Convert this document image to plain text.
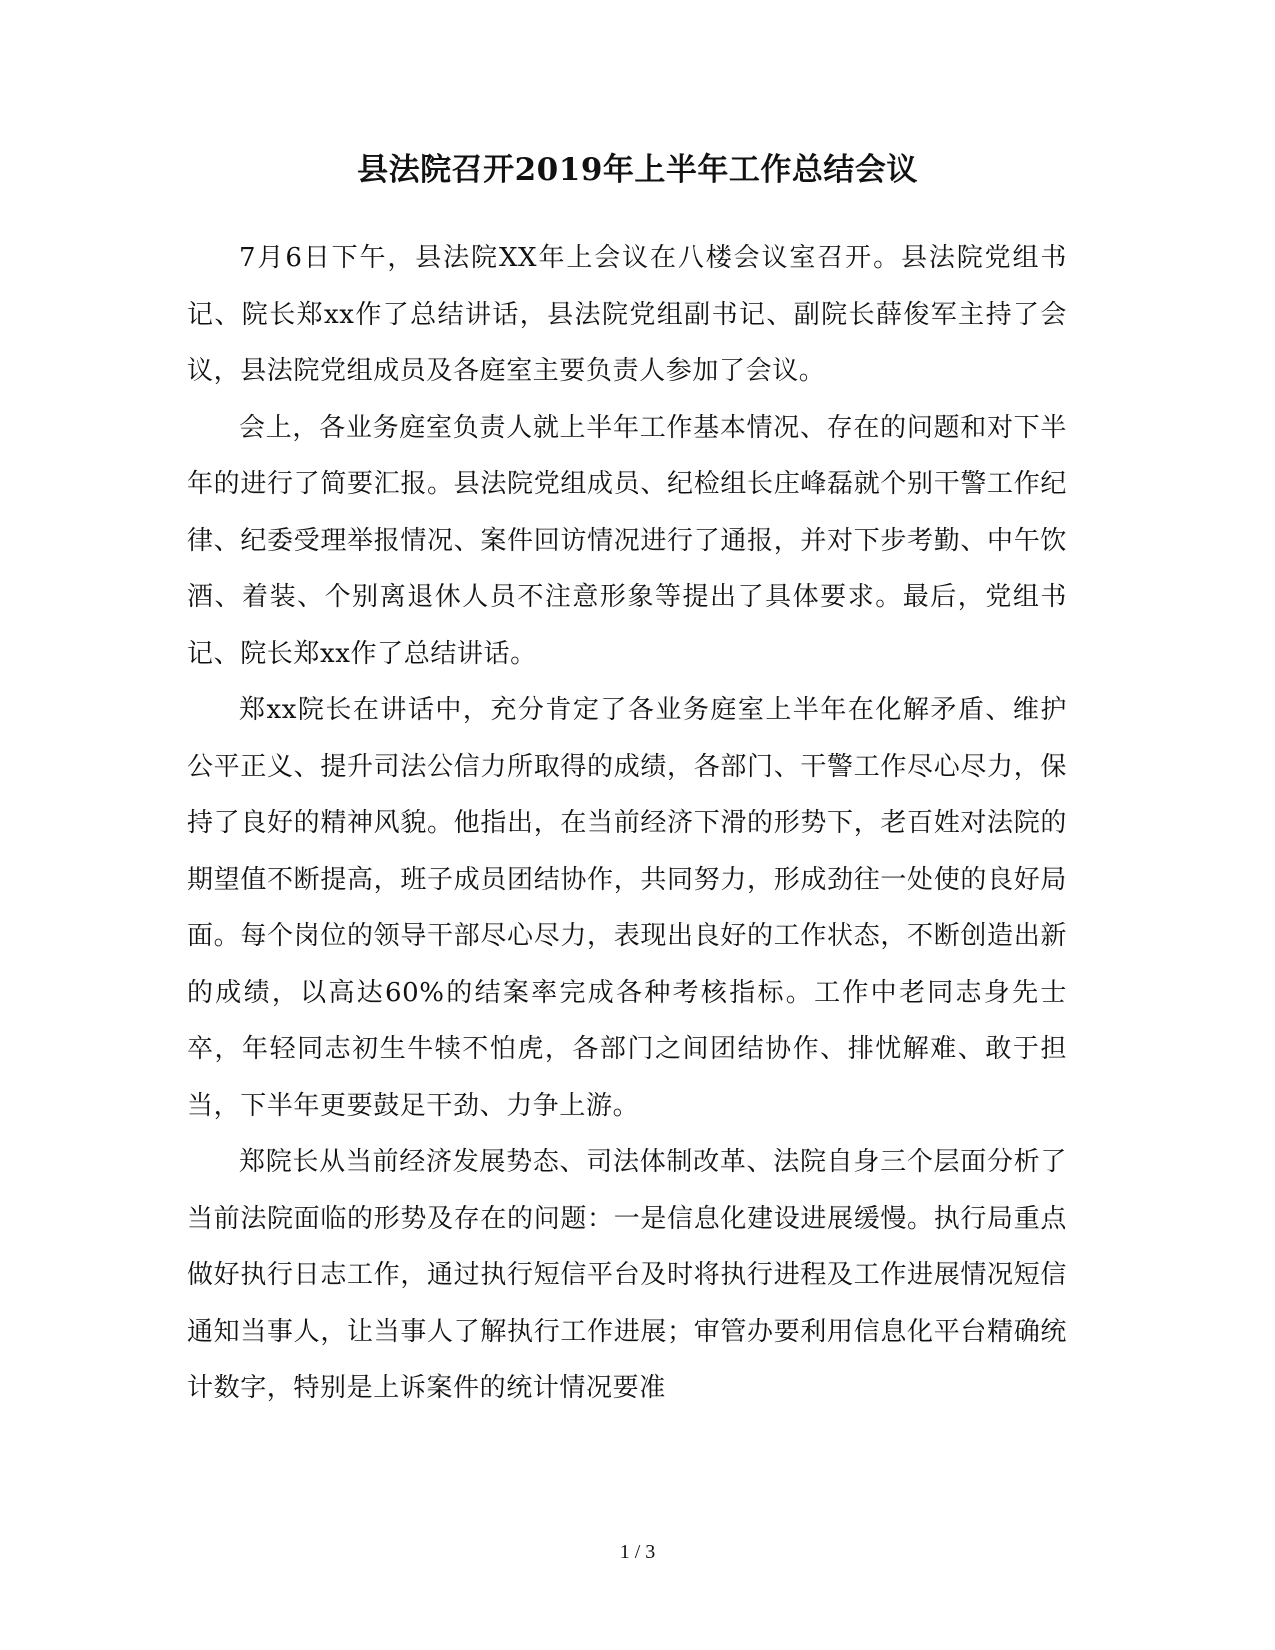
县法院召开2019年上半年工作总结会议

7月6日下午，县法院XX年上会议在八楼会议室召开。县法院党组书记、院长郑xx作了总结讲话，县法院党组副书记、副院长薛俊军主持了会议，县法院党组成员及各庭室主要负责人参加了会议。

会上，各业务庭室负责人就上半年工作基本情况、存在的问题和对下半年的进行了简要汇报。县法院党组成员、纪检组长庄峰磊就个别干警工作纪律、纪委受理举报情况、案件回访情况进行了通报，并对下步考勤、中午饮酒、着装、个别离退休人员不注意形象等提出了具体要求。最后，党组书记、院长郑xx作了总结讲话。

郑xx院长在讲话中，充分肯定了各业务庭室上半年在化解矛盾、维护公平正义、提升司法公信力所取得的成绩，各部门、干警工作尽心尽力，保持了良好的精神风貌。他指出，在当前经济下滑的形势下，老百姓对法院的期望值不断提高，班子成员团结协作，共同努力，形成劲往一处使的良好局面。每个岗位的领导干部尽心尽力，表现出良好的工作状态，不断创造出新的成绩，以高达60%的结案率完成各种考核指标。工作中老同志身先士卒，年轻同志初生牛犊不怕虎，各部门之间团结协作、排忧解难、敢于担当，下半年更要鼓足干劲、力争上游。

郑院长从当前经济发展势态、司法体制改革、法院自身三个层面分析了当前法院面临的形势及存在的问题：一是信息化建设进展缓慢。执行局重点做好执行日志工作，通过执行短信平台及时将执行进程及工作进展情况短信通知当事人，让当事人了解执行工作进展；审管办要利用信息化平台精确统计数字，特别是上诉案件的统计情况要准

1 / 3
